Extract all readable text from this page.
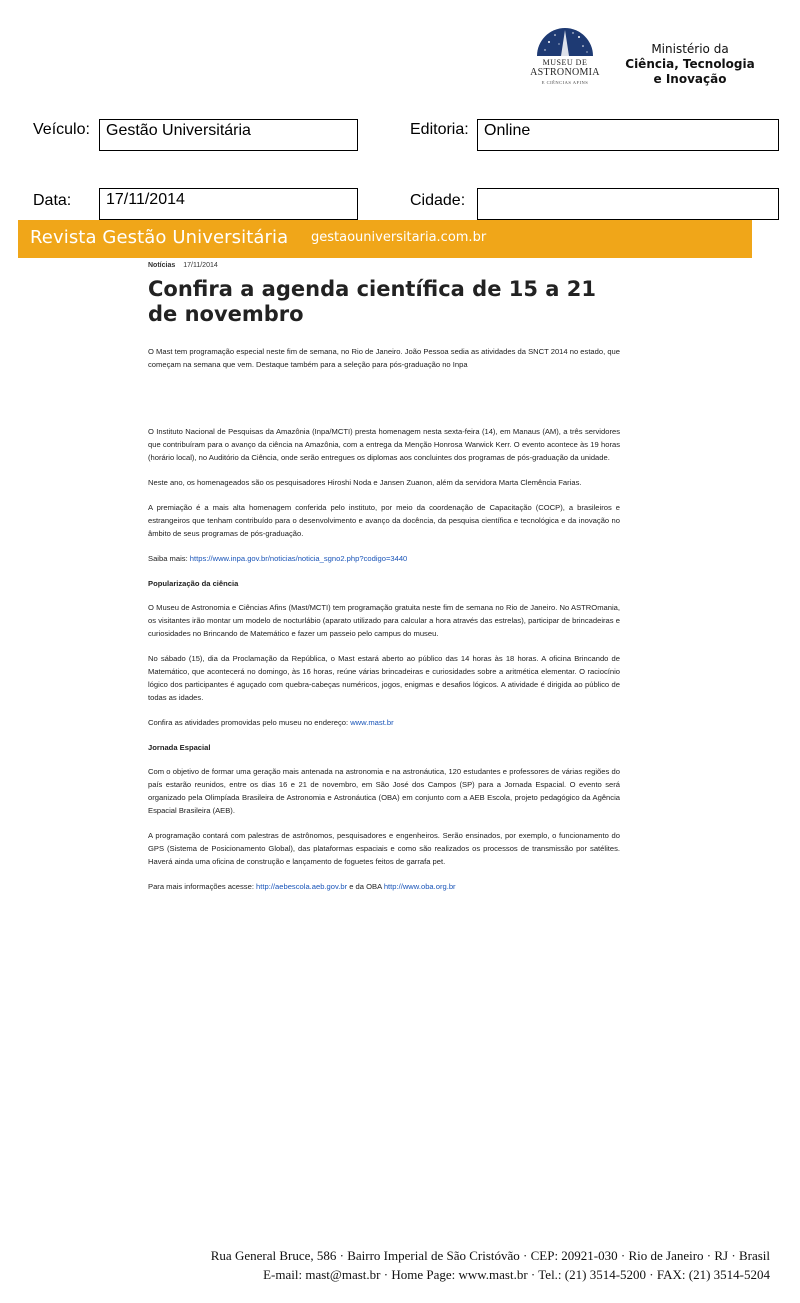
MUSEU DE
ASTRONOMIA
E CIÊNCIAS AFINS
Ministério da
Ciência, Tecnologia
e Inovação
Veículo:	Gestão Universitária	Editoria: Online
Data:	17/11/2014	Cidade:
Revista Gestão Universitária gestaouniversitaria.com.br
Notícias 17/11/2014
Confira a agenda científica de 15 a 21 de novembro

O Mast tem programação especial neste fim de semana, no Rio de Janeiro. João Pessoa sedia as atividades da SNCT 2014 no estado, que começam na semana que vem. Destaque também para a seleção para pós-graduação no Inpa

O Instituto Nacional de Pesquisas da Amazônia (Inpa/MCTI) presta homenagem nesta sexta-feira (14), em Manaus (AM), a três servidores que contribuíram para o avanço da ciência na Amazônia, com a entrega da Menção Honrosa Warwick Kerr. O evento acontece às 19 horas (horário local), no Auditório da Ciência, onde serão entregues os diplomas aos concluintes dos programas de pós-graduação da unidade.

Neste ano, os homenageados são os pesquisadores Hiroshi Noda e Jansen Zuanon, além da servidora Marta Clemência Farias.

A premiação é a mais alta homenagem conferida pelo instituto, por meio da coordenação de Capacitação (COCP), a brasileiros e estrangeiros que tenham contribuído para o desenvolvimento e avanço da docência, da pesquisa científica e tecnológica e da inovação no âmbito de seus programas de pós-graduação.

Saiba mais: https://www.inpa.gov.br/noticias/noticia_sgno2.php?codigo=3440

Popularização da ciência

O Museu de Astronomia e Ciências Afins (Mast/MCTI) tem programação gratuita neste fim de semana no Rio de Janeiro. No ASTROmania, os visitantes irão montar um modelo de nocturlábio (aparato utilizado para calcular a hora através das estrelas), participar de brincadeiras e curiosidades no Brincando de Matemático e fazer um passeio pelo campus do museu.

No sábado (15), dia da Proclamação da República, o Mast estará aberto ao público das 14 horas às 18 horas. A oficina Brincando de Matemático, que acontecerá no domingo, às 16 horas, reúne várias brincadeiras e curiosidades sobre a aritmética elementar. O raciocínio lógico dos participantes é aguçado com quebra-cabeças numéricos, jogos, enigmas e desafios lógicos. A atividade é dirigida ao público de todas as idades.

Confira as atividades promovidas pelo museu no endereço: www.mast.br

Jornada Espacial

Com o objetivo de formar uma geração mais antenada na astronomia e na astronáutica, 120 estudantes e professores de várias regiões do país estarão reunidos, entre os dias 16 e 21 de novembro, em São José dos Campos (SP) para a Jornada Espacial. O evento será organizado pela Olimpíada Brasileira de Astronomia e Astronáutica (OBA) em conjunto com a AEB Escola, projeto pedagógico da Agência Espacial Brasileira (AEB).

A programação contará com palestras de astrônomos, pesquisadores e engenheiros. Serão ensinados, por exemplo, o funcionamento do GPS (Sistema de Posicionamento Global), das plataformas espaciais e como são realizados os processos de transmissão por satélites. Haverá ainda uma oficina de construção e lançamento de foguetes feitos de garrafa pet.

Para mais informações acesse: http://aebescola.aeb.gov.br e da OBA http://www.oba.org.br

Rua General Bruce, 586 · Bairro Imperial de São Cristóvão · CEP: 20921-030 · Rio de Janeiro · RJ · Brasil
E-mail: mast@mast.br · Home Page: www.mast.br · Tel.: (21) 3514-5200 · FAX: (21) 3514-5204
